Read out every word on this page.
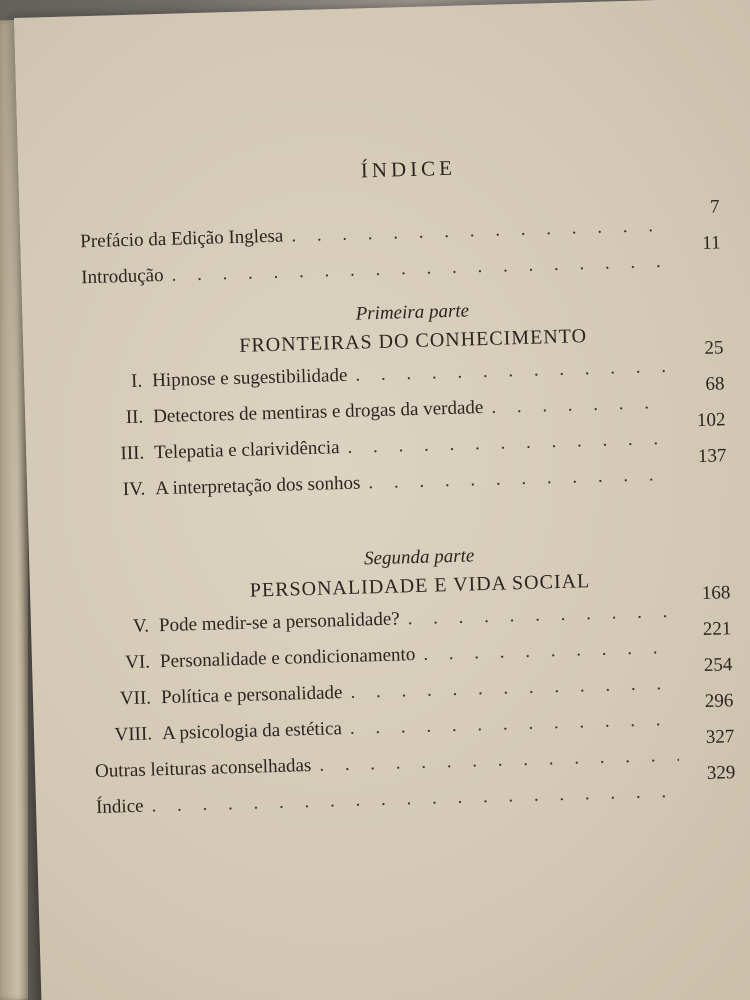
ÍNDICE
Prefácio da Edição Inglesa
. . .
7
Introdução
. . .
11
Primeira parte
FRONTEIRAS DO CONHECIMENTO
I. Hipnose e sugestibilidade
. . .
25
II. Detectores de mentiras e drogas da verdade
. . .
68
III. Telepatia e clarividência
. . .
102
IV. A interpretação dos sonhos
. . .
137
Segunda parte
PERSONALIDADE E VIDA SOCIAL
V. Pode medir-se a personalidade?
. . .
168
VI. Personalidade e condicionamento
. . .
221
VII. Política e personalidade
. . .
254
VIII. A psicologia da estética
. . .
296
Outras leituras aconselhadas
. . .
327
Índice
. . .
329
